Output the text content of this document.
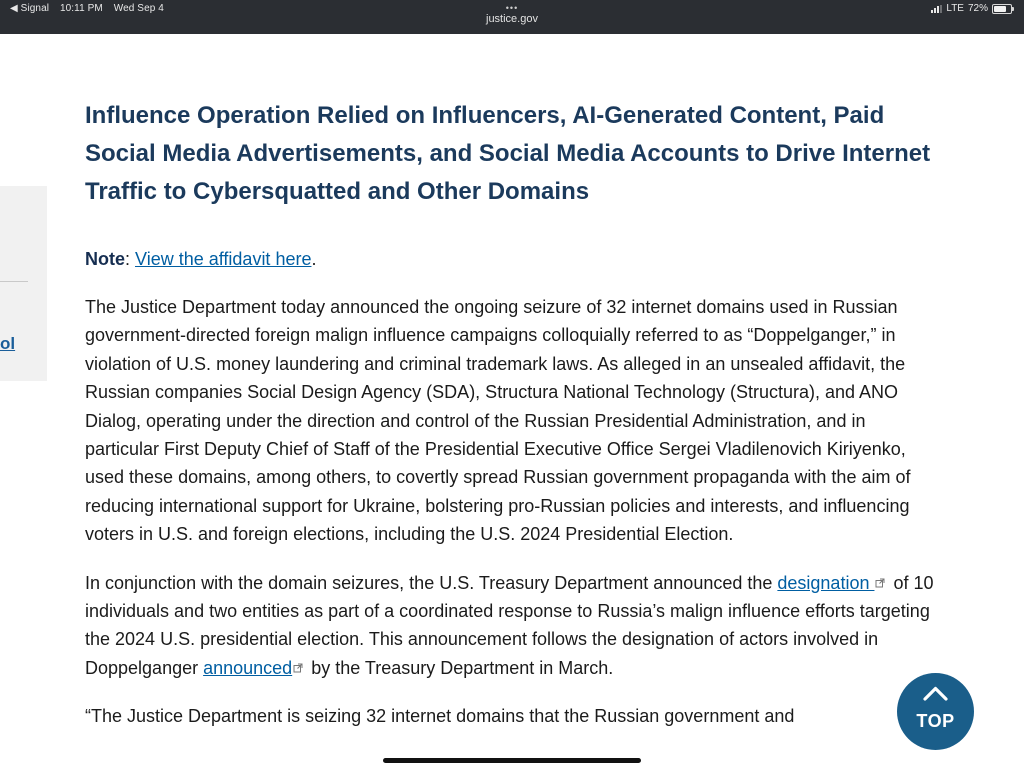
◀ Signal 10:11 PM Wed Sep 4	•••
justice.gov
LTE 72%
ol
Influence Operation Relied on Influencers, AI-Generated Content, Paid Social Media Advertisements, and Social Media Accounts to Drive Internet Traffic to Cybersquatted and Other Domains

Note: View the affidavit here.

The Justice Department today announced the ongoing seizure of 32 internet domains used in Russian government-directed foreign malign influence campaigns colloquially referred to as “Doppelganger,” in violation of U.S. money laundering and criminal trademark laws. As alleged in an unsealed affidavit, the Russian companies Social Design Agency (SDA), Structura National Technology (Structura), and ANO Dialog, operating under the direction and control of the Russian Presidential Administration, and in particular First Deputy Chief of Staff of the Presidential Executive Office Sergei Vladilenovich Kiriyenko, used these domains, among others, to covertly spread Russian government propaganda with the aim of reducing international support for Ukraine, bolstering pro-Russian policies and interests, and influencing voters in U.S. and foreign elections, including the U.S. 2024 Presidential Election.

In conjunction with the domain seizures, the U.S. Treasury Department announced the designation  of 10 individuals and two entities as part of a coordinated response to Russia’s malign influence efforts targeting the 2024 U.S. presidential election. This announcement follows the designation of actors involved in Doppelganger announced by the Treasury Department in March.

“The Justice Department is seizing 32 internet domains that the Russian government and	TOP
